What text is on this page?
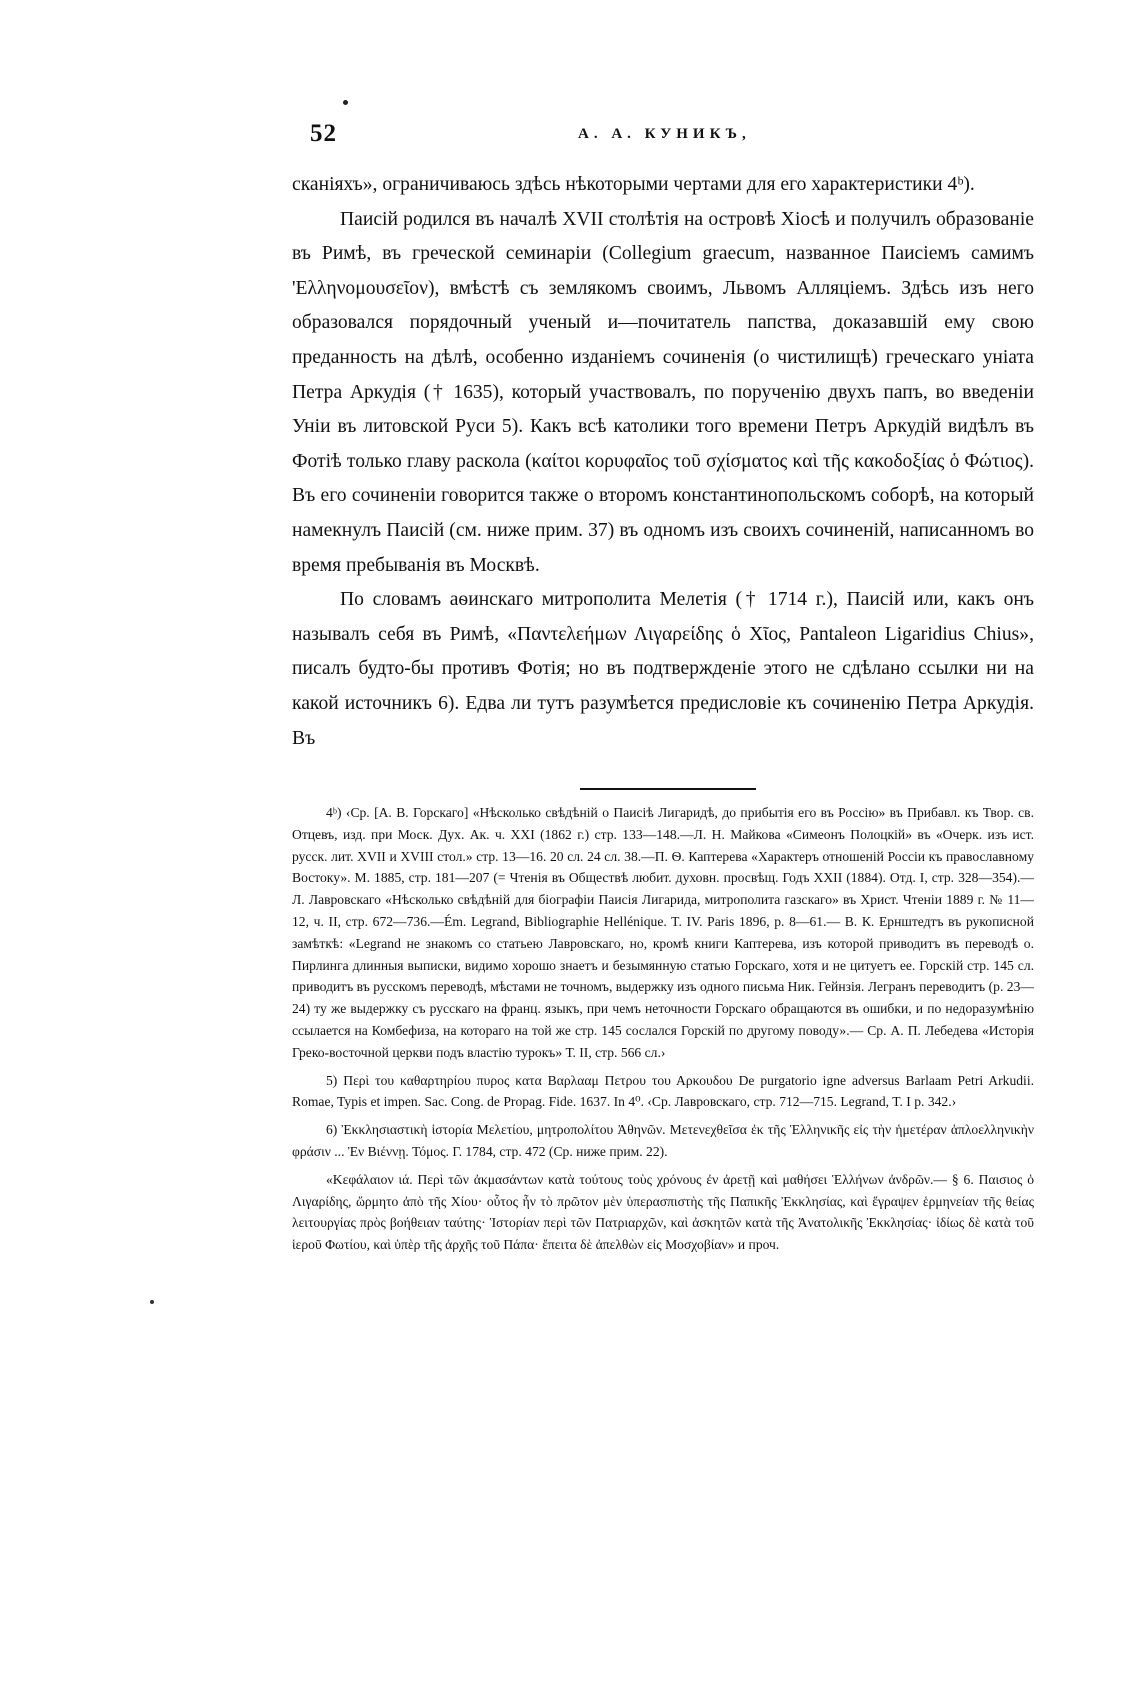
52	А. А. КУНИКЪ,

сканіяхъ», ограничиваюсь здѣсь нѣкоторыми чертами для его характеристики 4ᵇ).

Паисій родился въ началѣ XVII столѣтія на островѣ Хіосѣ и получилъ образованіе въ Римѣ, въ греческой семинаріи (Collegium graecum, названное Паисіемъ самимъ 'Ελληνομουσεῖον), вмѣстѣ съ землякомъ своимъ, Львомъ Алляціемъ. Здѣсь изъ него образовался порядочный ученый и—почитатель папства, доказавшій ему свою преданность на дѣлѣ, особенно изданіемъ сочиненія (о чистилищѣ) греческаго уніата Петра Аркудія († 1635), который участвовалъ, по порученію двухъ папъ, во введеніи Уніи въ литовской Руси 5). Какъ всѣ католики того времени Петръ Аркудій видѣлъ въ Фотіѣ только главу раскола (καίτοι κορυφαῖος τοῦ σχίσματος καὶ τῆς κακοδοξίας ὁ Φώτιος). Въ его сочиненіи говорится также о второмъ константинопольскомъ соборѣ, на который намекнулъ Паисій (см. ниже прим. 37) въ одномъ изъ своихъ сочиненій, написанномъ во время пребыванія въ Москвѣ.

По словамъ аѳинскаго митрополита Мелетія († 1714 г.), Паисій или, какъ онъ называлъ себя въ Римѣ, «Παντελεήμων Λιγαρείδης ὁ Χῖος, Pantaleon Ligaridius Chius», писалъ будто-бы противъ Фотія; но въ подтвержденіе этого не сдѣлано ссылки ни на какой источникъ 6). Едва ли тутъ разумѣется предисловіе къ сочиненію Петра Аркудія. Въ

4ᵇ) ‹Ср. [А. В. Горскаго] «Нѣсколько свѣдѣній о Паисіѣ Лигаридѣ, до прибытія его въ Россію» въ Прибавл. къ Твор. св. Отцевъ, изд. при Моск. Дух. Ак. ч. XXI (1862 г.) стр. 133—148.—Л. Н. Майкова «Симеонъ Полоцкій» въ «Очерк. изъ ист. русск. лит. XVII и XVIII стол.» стр. 13—16. 20 сл. 24 сл. 38.—П. Ѳ. Каптерева «Характеръ отношеній Россіи къ православному Востоку». М. 1885, стр. 181—207 (= Чтенія въ Обществѣ любит. духовн. просвѣщ. Годъ XXII (1884). Отд. I, стр. 328—354).—Л. Лавровскаго «Нѣсколько свѣдѣній для біографіи Паисія Лигарида, митрополита газскаго» въ Христ. Чтеніи 1889 г. № 11—12, ч. II, стр. 672—736.—Ém. Legrand, Bibliographie Hellénique. T. IV. Paris 1896, p. 8—61.— В. К. Ернштедтъ въ рукописной замѣткѣ: «Legrand не знакомъ со статьею Лавровскаго, но, кромѣ книги Каптерева, изъ которой приводитъ въ переводѣ о. Пирлинга длинныя выписки, видимо хорошо знаетъ и безымянную статью Горскаго, хотя и не цитуетъ ее. Горскій стр. 145 сл. приводитъ въ русскомъ переводѣ, мѣстами не точномъ, выдержку изъ одного письма Ник. Гейнзія. Легранъ переводитъ (p. 23—24) ту же выдержку съ русскаго на франц. языкъ, при чемъ неточности Горскаго обращаются въ ошибки, и по недоразумѣнію ссылается на Комбефиза, на котораго на той же стр. 145 сослался Горскій по другому поводу».— Ср. А. П. Лебедева «Исторія Греко-восточной церкви подъ властію турокъ» Т. II, стр. 566 сл.›

5) Περὶ του καθαρτηρίου πυρος κατα Βαρλααμ Πετρου του Αρκουδου De purgatorio igne adversus Barlaam Petri Arkudii. Romae, Typis et impen. Sac. Cong. de Propag. Fide. 1637. In 4⁰. ‹Ср. Лавровскаго, стр. 712—715. Legrand, T. I p. 342.›

6) Ἐκκλησιαστικὴ ἱστορία Μελετίου, μητροπολίτου Ἀθηνῶν. Μετενεχθεῖσα ἐκ τῆς Ἑλληνικῆς εἰς τὴν ἡμετέραν ἁπλοελληνικὴν φράσιν ... Ἐν Βιέννῃ. Τόμος. Γ. 1784, стр. 472 (Ср. ниже прим. 22).

«Κεφάλαιον ιά. Περὶ τῶν ἀκμασάντων κατὰ τούτους τοὺς χρόνους ἐν ἀρετῇ καὶ μαθήσει Ἑλλήνων ἀνδρῶν.— § 6. Παισιος ὁ Λιγαρίδης, ὥρμητο ἀπὸ τῆς Χίου· οὗτος ἦν τὸ πρῶτον μὲν ὑπερασπιστὴς τῆς Παπικῆς Ἐκκλησίας, καὶ ἔγραψεν ἑρμηνείαν τῆς θείας λειτουργίας πρὸς βοήθειαν ταύτης· Ἱστορίαν περὶ τῶν Πατριαρχῶν, καὶ ἀσκητῶν κατὰ τῆς Ἀνατολικῆς Ἐκκλησίας· ἰδίως δὲ κατὰ τοῦ ἱεροῦ Φωτίου, καὶ ὑπὲρ τῆς ἀρχῆς τοῦ Πάπα· ἔπειτα δὲ ἀπελθὼν εἰς Μοσχοβίαν» и проч.
